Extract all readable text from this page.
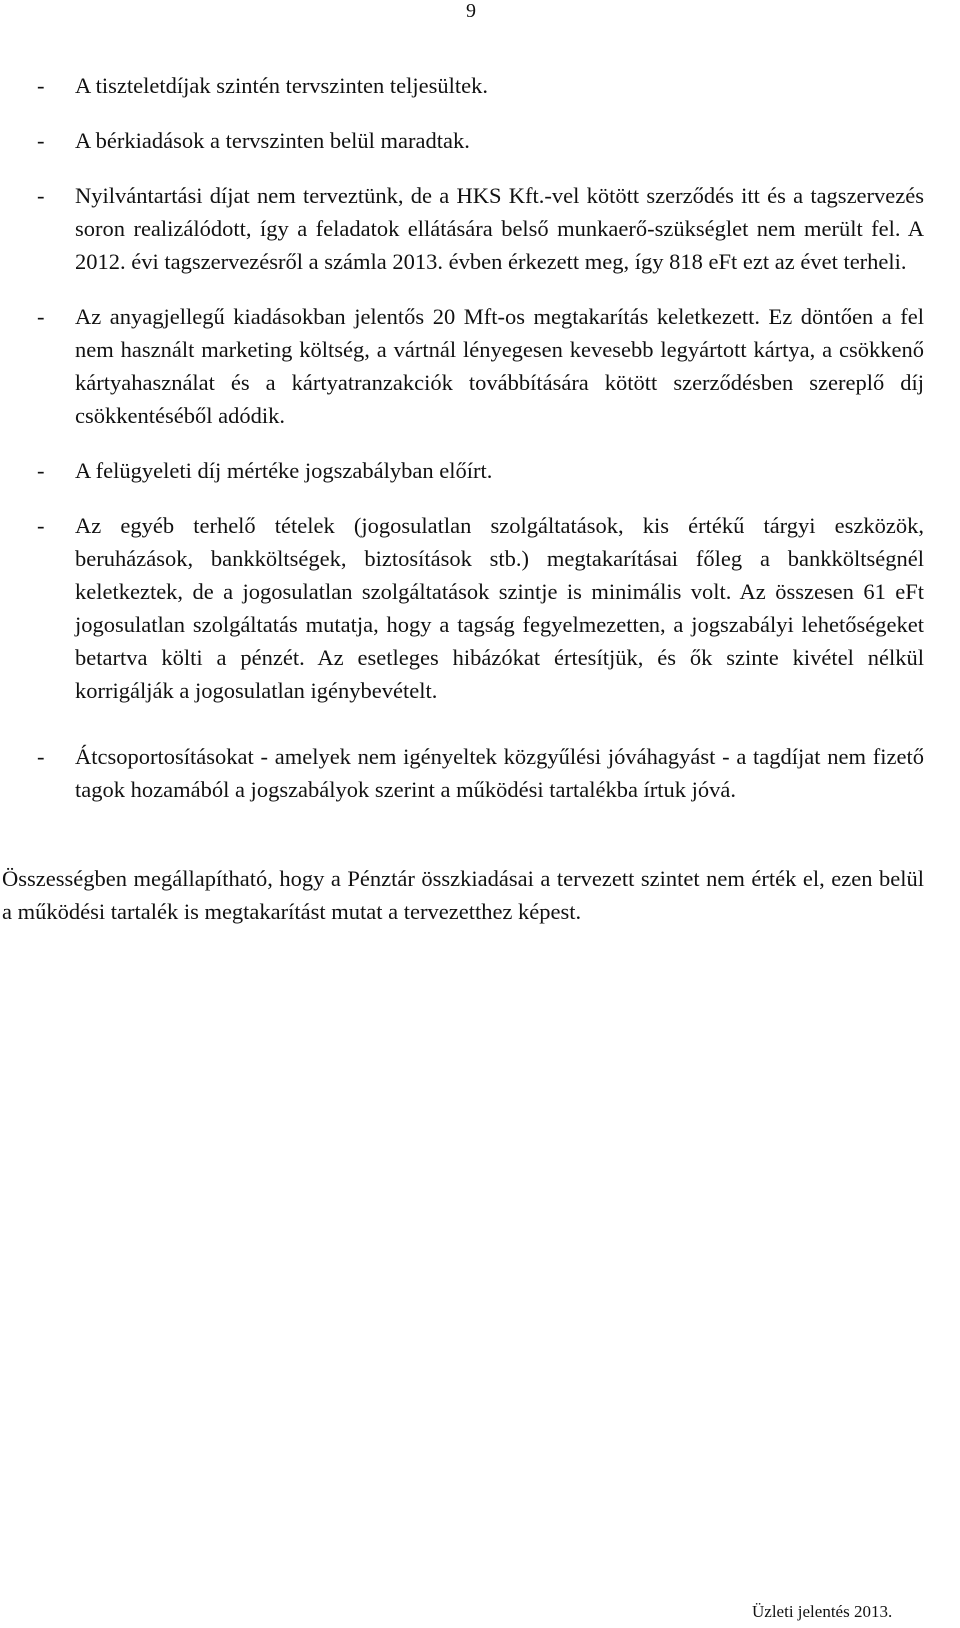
9

- A tiszteletdíjak szintén tervszinten teljesültek.

- A bérkiadások a tervszinten belül maradtak.

- Nyilvántartási díjat nem terveztünk, de a HKS Kft.-vel kötött szerződés itt és a tagszervezés soron realizálódott, így a feladatok ellátására belső munkaerő-szükséglet nem merült fel. A 2012. évi tagszervezésről a számla 2013. évben érkezett meg, így 818 eFt ezt az évet terheli.

- Az anyagjellegű kiadásokban jelentős 20 Mft-os megtakarítás keletkezett. Ez döntően a fel nem használt marketing költség, a vártnál lényegesen kevesebb legyártott kártya, a csökkenő kártyahasználat és a kártyatranzakciók továbbítására kötött szerződésben szereplő díj csökkentéséből adódik.

- A felügyeleti díj mértéke jogszabályban előírt.

- Az egyéb terhelő tételek (jogosulatlan szolgáltatások, kis értékű tárgyi eszközök, beruházások, bankköltségek, biztosítások stb.) megtakarításai főleg a bankköltségnél keletkeztek, de a jogosulatlan szolgáltatások szintje is minimális volt. Az összesen 61 eFt jogosulatlan szolgáltatás mutatja, hogy a tagság fegyelmezetten, a jogszabályi lehetőségeket betartva költi a pénzét. Az esetleges hibázókat értesítjük, és ők szinte kivétel nélkül korrigálják a jogosulatlan igénybevételt.

- Átcsoportosításokat - amelyek nem igényeltek közgyűlési jóváhagyást - a tagdíjat nem fizető tagok hozamából a jogszabályok szerint a működési tartalékba írtuk jóvá.

Összességben megállapítható, hogy a Pénztár összkiadásai a tervezett szintet nem érték el, ezen belül a működési tartalék is megtakarítást mutat a tervezetthez képest.

Üzleti jelentés 2013.
